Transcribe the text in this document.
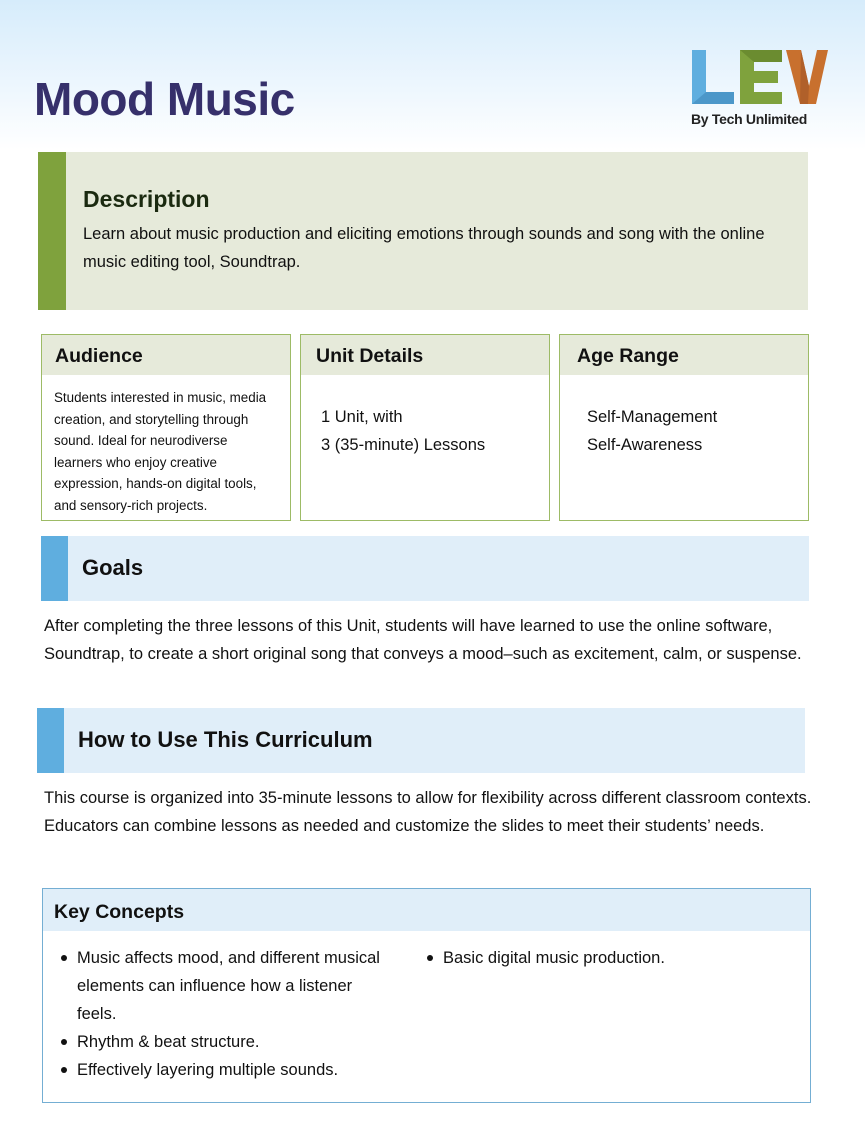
Mood Music	By Tech Unlimited
Description

Learn about music production and eliciting emotions through sounds and song with the online music editing tool, Soundtrap.

Audience
Students interested in music, media creation, and storytelling through sound. Ideal for neurodiverse learners who enjoy creative expression, hands-on digital tools, and sensory-rich projects.
Unit Details
1 Unit, with
3 (35-minute) Lessons
Age Range
Self-Management
Self-Awareness
Goals

After completing the three lessons of this Unit, students will have learned to use the online software, Soundtrap, to create a short original song that conveys a mood–such as excitement, calm, or suspense.

How to Use This Curriculum

This course is organized into 35-minute lessons to allow for flexibility across different classroom contexts. Educators can combine lessons as needed and customize the slides to meet their students’ needs.

Key Concepts
Music affects mood, and different musical elements can influence how a listener feels.
Rhythm & beat structure.
Effectively layering multiple sounds.
Basic digital music production.
